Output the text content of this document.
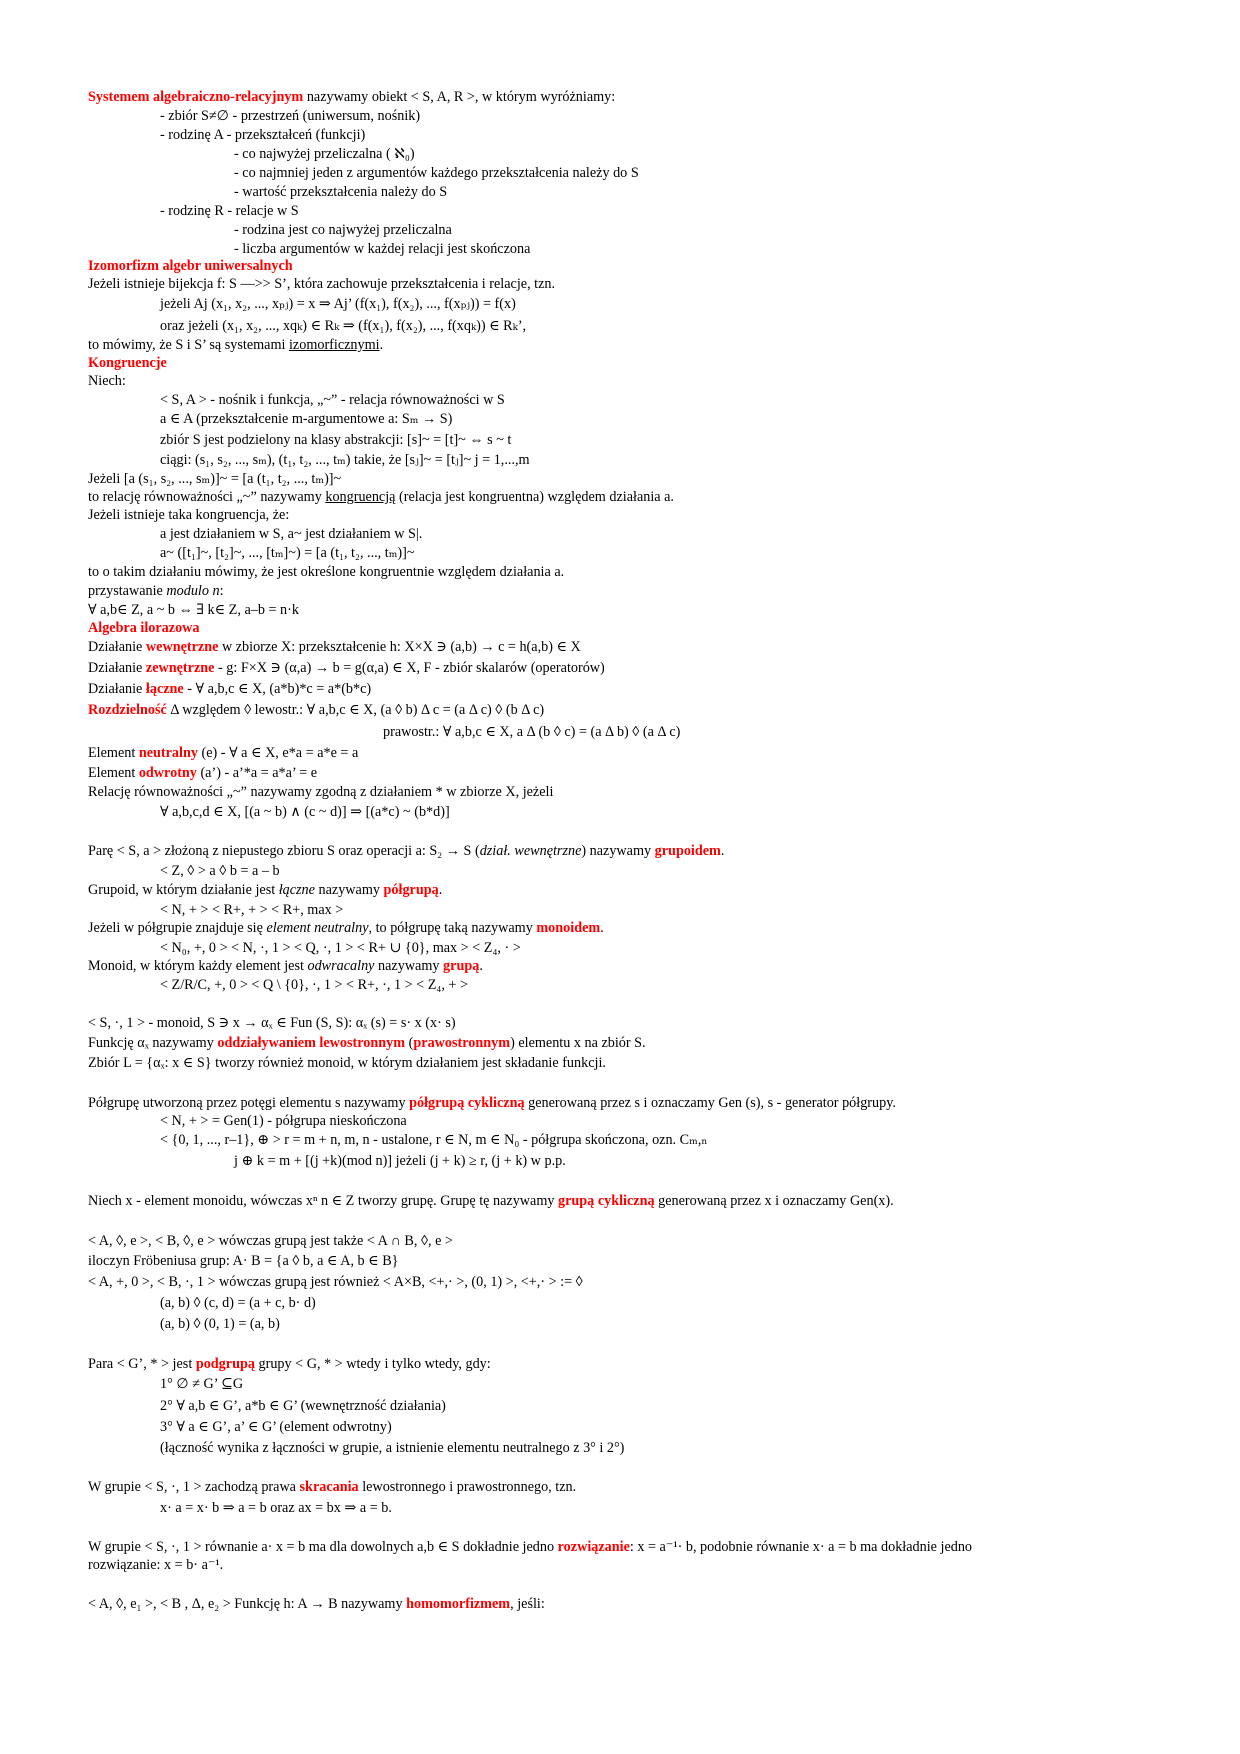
Systemem algebraiczno-relacyjnym nazywamy obiekt < S, A, R >, w którym wyróżniamy:
- zbiór S≠∅ - przestrzeń (uniwersum, nośnik)
- rodzinę A - przekształceń (funkcji)
- co najwyżej przeliczalna ( ℵ₀)
- co najmniej jeden z argumentów każdego przekształcenia należy do S
- wartość przekształcenia należy do S
- rodzinę R - relacje w S
- rodzina jest co najwyżej przeliczalna
- liczba argumentów w każdej relacji jest skończona
Izomorfizm algebr uniwersalnych
Jeżeli istnieje bijekcja f: S —>> S’, która zachowuje przekształcenia i relacje, tzn.
jeżeli Aj (x₁, x₂, ..., xₚⱼ) = x ⇒ Aj’ (f(x₁), f(x₂), ..., f(xₚⱼ)) = f(x)
oraz jeżeli (x₁, x₂, ..., xqₖ) ∈ Rₖ ⇒ (f(x₁), f(x₂), ..., f(xqₖ)) ∈ Rₖ’,
to mówimy, że S i S’ są systemami izomorficznymi.
Kongruencje
Niech:
< S, A > - nośnik i funkcja, „~” - relacja równoważności w S
a ∈ A (przekształcenie m-argumentowe a: Sₘ → S)
zbiór S jest podzielony na klasy abstrakcji: [s]~ = [t]~ ⇔ s ~ t
ciągi: (s₁, s₂, ..., sₘ), (t₁, t₂, ..., tₘ) takie, że [sⱼ]~ = [tⱼ]~ j = 1,...,m
Jeżeli [a (s₁, s₂, ..., sₘ)]~ = [a (t₁, t₂, ..., tₘ)]~
to relację równoważności „~” nazywamy kongruencją (relacja jest kongruentna) względem działania a.
Jeżeli istnieje taka kongruencja, że:
a jest działaniem w S, a~ jest działaniem w S|.
a~ ([t₁]~, [t₂]~, ..., [tₘ]~) = [a (t₁, t₂, ..., tₘ)]~
to o takim działaniu mówimy, że jest określone kongruentnie względem działania a.
przystawanie modulo n:
∀ a,b∈ Z, a ~ b ⇔ ∃ k∈ Z, a–b = n·k
Algebra ilorazowa
Działanie wewnętrzne w zbiorze X: przekształcenie h: X×X ∋ (a,b) → c = h(a,b) ∈ X
Działanie zewnętrzne - g: F×X ∋ (α,a) → b = g(α,a) ∈ X, F - zbiór skalarów (operatorów)
Działanie łączne - ∀ a,b,c ∈ X, (a*b)*c = a*(b*c)
Rozdzielność Δ względem ◊ lewostr.: ∀ a,b,c ∈ X, (a ◊ b) Δ c = (a Δ c) ◊ (b Δ c)
prawostr.: ∀ a,b,c ∈ X, a Δ (b ◊ c) = (a Δ b) ◊ (a Δ c)
Element neutralny (e) - ∀ a ∈ X, e*a = a*e = a
Element odwrotny (a’) - a’*a = a*a’ = e
Relację równoważności „~” nazywamy zgodną z działaniem * w zbiorze X, jeżeli
∀ a,b,c,d ∈ X, [(a ~ b) ∧ (c ~ d)] ⇒ [(a*c) ~ (b*d)]
Parę < S, a > złożoną z niepustego zbioru S oraz operacji a: S₂ → S (dział. wewnętrzne) nazywamy grupoidem.
< Z, ◊ > a ◊ b = a – b
Grupoid, w którym działanie jest łączne nazywamy półgrupą.
< N, + > < R+, + > < R+, max >
Jeżeli w półgrupie znajduje się element neutralny, to półgrupę taką nazywamy monoidem.
< N₀, +, 0 > < N, ·, 1 > < Q, ·, 1 > < R+ ∪ {0}, max > < Z₄, · >
Monoid, w którym każdy element jest odwracalny nazywamy grupą.
< Z/R/C, +, 0 > < Q \ {0}, ·, 1 > < R+, ·, 1 > < Z₄, + >
< S, ·, 1 > - monoid, S ∋ x → αₓ ∈ Fun (S, S): αₓ (s) = s· x (x· s)
Funkcję αₓ nazywamy oddziaływaniem lewostronnym (prawostronnym) elementu x na zbiór S.
Zbiór L = {αₓ: x ∈ S} tworzy również monoid, w którym działaniem jest składanie funkcji.
Półgrupę utworzoną przez potęgi elementu s nazywamy półgrupą cykliczną generowaną przez s i oznaczamy Gen (s), s - generator półgrupy.
< N, + > = Gen(1) - półgrupa nieskończona
< {0, 1, ..., r–1}, ⊕ > r = m + n, m, n - ustalone, r ∈ N, m ∈ N₀ - półgrupa skończona, ozn. Cₘ,ₙ
j ⊕ k = m + [(j +k)(mod n)] jeżeli (j + k) ≥ r, (j + k) w p.p.
Niech x - element monoidu, wówczas xⁿ n ∈ Z tworzy grupę. Grupę tę nazywamy grupą cykliczną generowaną przez x i oznaczamy Gen(x).
< A, ◊, e >, < B, ◊, e > wówczas grupą jest także < A ∩ B, ◊, e >
iloczyn Fröbeniusa grup: A· B = {a ◊ b, a ∈ A, b ∈ B}
< A, +, 0 >, < B, ·, 1 > wówczas grupą jest również < A×B, <+,· >, (0, 1) >, <+,· > := ◊
(a, b) ◊ (c, d) = (a + c, b· d)
(a, b) ◊ (0, 1) = (a, b)
Para < G’, * > jest podgrupą grupy < G, * > wtedy i tylko wtedy, gdy:
1° ∅ ≠ G’ ⊆G
2° ∀ a,b ∈ G’, a*b ∈ G’ (wewnętrzność działania)
3° ∀ a ∈ G’, a’ ∈ G’ (element odwrotny)
(łączność wynika z łączności w grupie, a istnienie elementu neutralnego z 3° i 2°)
W grupie < S, ·, 1 > zachodzą prawa skracania lewostronnego i prawostronnego, tzn.
x· a = x· b ⇒ a = b oraz ax = bx ⇒ a = b.
W grupie < S, ·, 1 > równanie a· x = b ma dla dowolnych a,b ∈ S dokładnie jedno rozwiązanie: x = a⁻¹· b, podobnie równanie x· a = b ma dokładnie jedno
rozwiązanie: x = b· a⁻¹.
< A, ◊, e₁ >, < B , Δ, e₂ > Funkcję h: A → B nazywamy homomorfizmem, jeśli:
